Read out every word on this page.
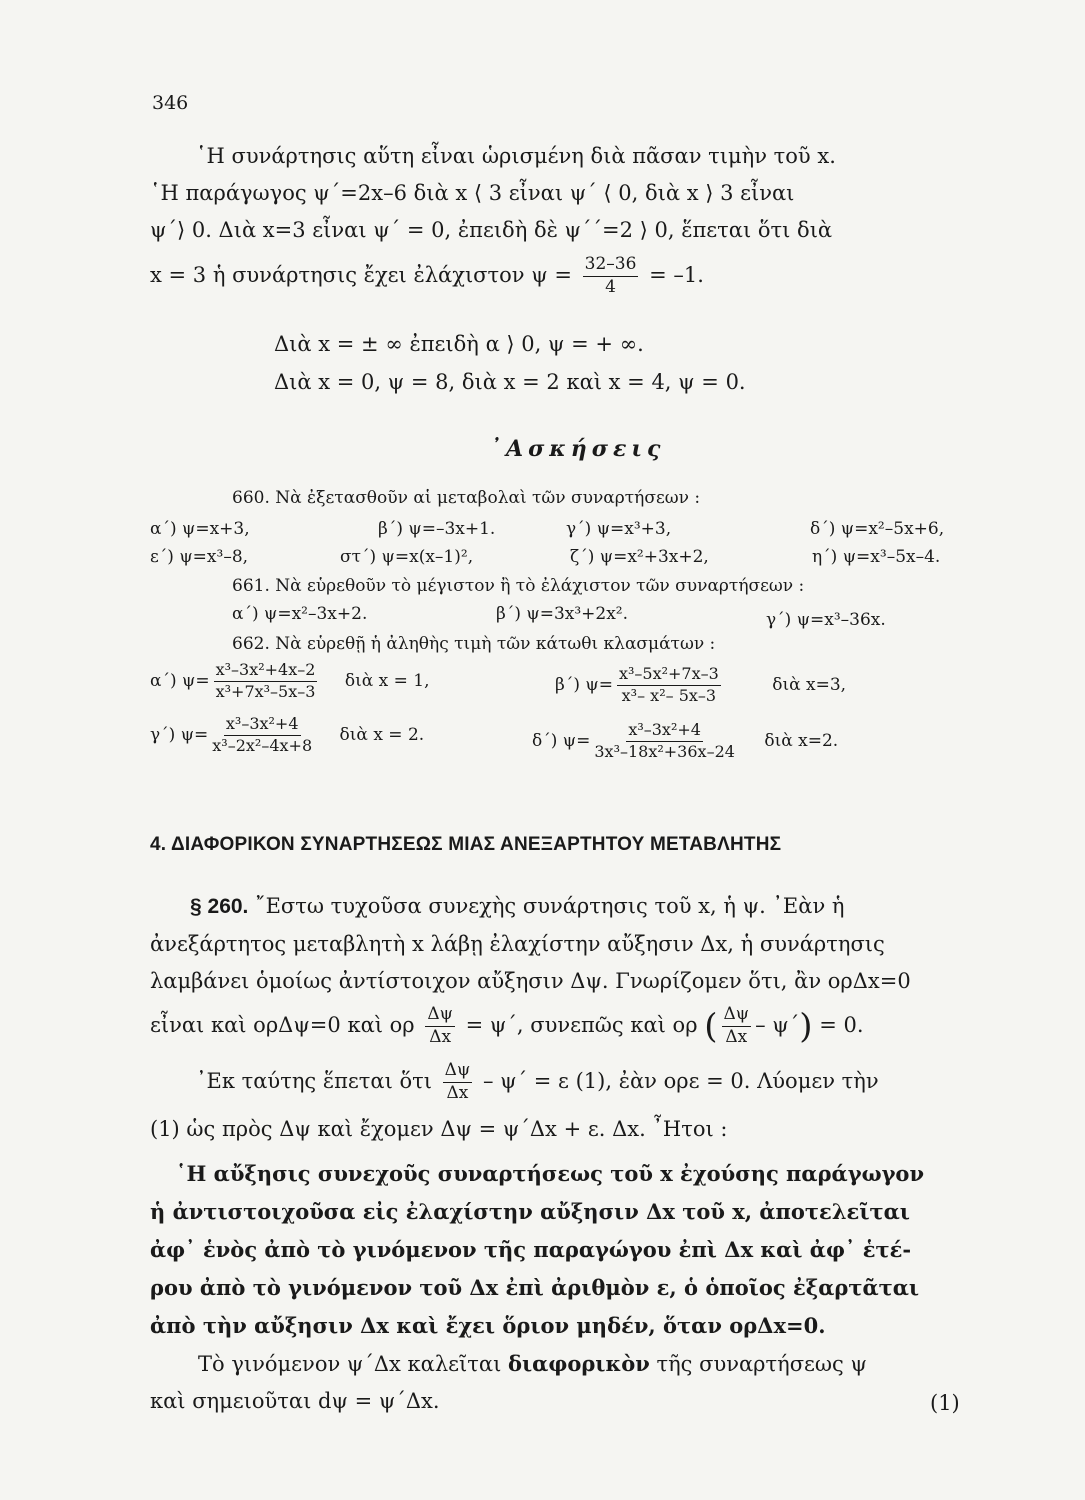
346
῾Η συνάρτησις αὕτη εἶναι ὡρισμένη διὰ πᾶσαν τιμὴν τοῦ x.
῾Η παράγωγος ψ΄=2x–6 διὰ x ⟨ 3 εἶναι ψ΄ ⟨ 0, διὰ x ⟩ 3 εἶναι
ψ΄⟩ 0. Διὰ x=3 εἶναι ψ΄ = 0, ἐπειδὴ δὲ ψ΄΄=2 ⟩ 0, ἕπεται ὅτι διὰ
x = 3 ἡ συνάρτησις ἔχει ἐλάχιστον $\psi = \frac{32-36}{4} = -1$.
Διὰ x = ± ∞ ἐπειδὴ α ⟩ 0, ψ = + ∞.
Διὰ x = 0, ψ = 8, διὰ x = 2 καὶ x = 4, ψ = 0.
᾿Ασκήσεις
660. Νὰ ἐξετασθοῦν αἱ μεταβολαὶ τῶν συναρτήσεων :
α΄) ψ=x+3,	β΄) ψ=–3x+1.	γ΄) ψ=x³+3,	δ΄) ψ=x²–5x+6,
ε΄) ψ=x³–8,	στ΄) ψ=x(x–1)²,	ζ΄) ψ=x²+3x+2,	η΄) ψ=x³–5x–4.
661. Νὰ εὑρεθοῦν τὸ μέγιστον ἢ τὸ ἐλάχιστον τῶν συναρτήσεων :
α΄) ψ=x²–3x+2.	β΄) ψ=3x³+2x².	γ΄) ψ=x³–36x.
662. Νὰ εὑρεθῇ ἡ ἀληθὴς τιμὴ τῶν κάτωθι κλασμάτων :
α΄) $\psi= \frac{\text{x³–3x²+4x–2}}{\text{x³+7x³–5x–3}}$ διὰ x = 1,	β΄) $\psi= \frac{\text{x³–5x²+7x–3}}{\text{x³– x²– 5x–3}}$	διὰ x=3,
γ΄) $\psi= \frac{\text{x³–3x²+4}}{\text{x³–2x²–4x+8}}$ διὰ x = 2.	δ΄) $\psi= \frac{\text{x³–3x²+4}}{\text{3x³–18x²+36x–24}}$ διὰ x=2.
4. ΔΙΑΦΟΡΙΚΟΝ ΣΥΝΑΡΤΗΣΕΩΣ ΜΙΑΣ ΑΝΕΞΑΡΤΗΤΟΥ ΜΕΤΑΒΛΗΤΗΣ
§ 260. ῎Εστω τυχοῦσα συνεχὴς συνάρτησις τοῦ x, ἡ ψ. ᾿Εὰν ἡ
ἀνεξάρτητος μεταβλητὴ x λάβῃ ἐλαχίστην αὔξησιν Δx, ἡ συνάρτησις
λαμβάνει ὁμοίως ἀντίστοιχον αὔξησιν Δψ. Γνωρίζομεν ὅτι, ἂν ορΔx=0
εἶναι καὶ ορΔψ=0 καὶ ορ $\frac{\Delta\psi}{\Delta x} = \psi΄$, συνεπῶς καὶ ορ ( $\frac{\Delta\psi}{\Delta x} - \psi΄) = 0$.
᾿Εκ ταύτης ἕπεται ὅτι $\frac{\Delta\psi}{\Delta x} - \psi΄ = \varepsilon$ (1), ἐὰν ορε = 0. Λύομεν τὴν
(1) ὡς πρὸς Δψ καὶ ἔχομεν Δψ = ψ΄Δx + ε. Δx. ῏Ητοι :
῾Η αὔξησις συνεχοῦς συναρτήσεως τοῦ x ἐχούσης παράγωγον
ἡ ἀντιστοιχοῦσα εἰς ἐλαχίστην αὔξησιν Δx τοῦ x, ἀποτελεῖται
ἀφ᾿ ἑνὸς ἀπὸ τὸ γινόμενον τῆς παραγώγου ἐπὶ Δx καὶ ἀφ᾿ ἑτέ-
ρου ἀπὸ τὸ γινόμενον τοῦ Δx ἐπὶ ἀριθμὸν ε, ὁ ὁποῖος ἐξαρτᾶται
ἀπὸ τὴν αὔξησιν Δx καὶ ἔχει ὅριον μηδέν, ὅταν ορΔx=0.
Τὸ γινόμενον ψ΄Δx καλεῖται διαφορικὸν τῆς συναρτήσεως ψ
καὶ σημειοῦται dψ = ψ΄Δx.	(1)
